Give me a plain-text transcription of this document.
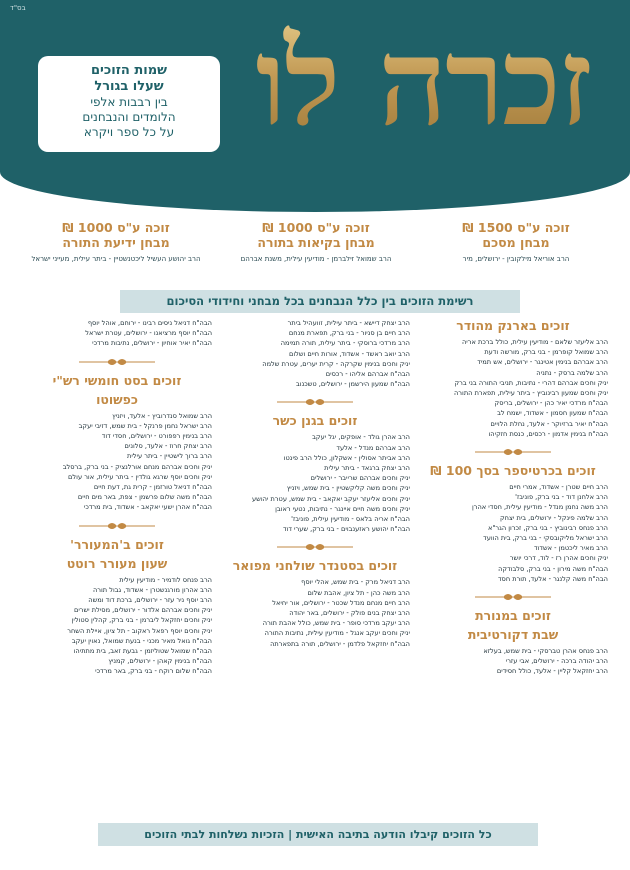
בס"ד
זכרה לו
שמות הזוכים
שעלו בגורל
בין רבבות אלפי
הלומדים והנבחנים
על כל ספר ויקרא
זוכה ע"ס 1500 ₪
מבחן מסכם
הרב אוריאל מילקובין - ירושלים, מיר
זוכה ע"ס 1000 ₪
מבחן בקיאות בתורה
הרב שמואל זילברמן - מודיעין עילית, משנת אברהם
זוכה ע"ס 1000 ₪
מבחן ידיעת התורה
הרב יהושע העשיל ליכטנשטיין - ביתר עילית, מעייני ישראל
רשימת הזוכים בין כלל הנבחנים בכל מבחני וחידודי הסיכום
זוכים בארנק מהודר
הרב אליעזר שלאם - מודיעין עילית, כולל ברכת אריה
הרב שמואל קופרמן - בני ברק, מורשה ודעת
הרב אברהם בנימין אטינגר - ירושלים, אש תמיד
הרב שלמה ברסק - נתניה
יניק וחכים אברהם דהרי - נתיבות, תניבי התורה בני ברק
יניק וחכים שמעון רבינוביץ - ביתר עילית, תפארת התורה
הבה"ח מרדכי יאיר כהן - ירושלים, בריסק
הבה"ח שמעון חסמון - אשדוד, ישמח לב
הבה"ח יאיר ברזיוקר - אלעד, נחלת הלויים
הבה"ח בנימין אדמון - רכסים, כנסת חזקיהו
זוכים בכרטיספר בסך 100 ₪
הרב חיים שטרן - אשדוד, אמרי חיים
הרב אלחנן דוד - בני ברק, פוניבז'
הרב משה נחמן מנדל - מודיעין עילית, חסדי אהרן
הרב שלמה פינקל - ירושלים, בית יצחק
הרב פנחס רבינוביץ - בני ברק, זכרון הגר"א
הרב ישראל מליקובסקי - בני ברק, בית הוועד
הרב מאיר ליכטמן - אשדוד
יניק וחכים אהרן רז - לוד, דרכי יושר
הבה"ח משה מירון - בני ברק, סלבודקה
הבה"ח משה קלנגר - אלעד, תורת חסד
זוכים במנורת
שבת דקורטיבית
הרב פנחס אהרן טברסקי - בית שמש, בעלזא
הרב יהודה ברכה - ירושלים, אבי עזרי
הרב יחזקאל קליין - אלעד, כולל חסידים
הרב יצחק דיישא - ביתר עילית, זוועהיל ביתר
הרב חיים בן סניור - בני ברק, תפארת מנחם
הרב מרדכי ברוסקי - ביתר עילית, תורה תמימה
הרב יואב ראשד - אשדוד, אורות חיים ושלום
יניק וחכים בנימין שקרקה - קרית יערים, עטרת שלמה
הבה"ח אברהם אליהו - רכסים
הבה"ח שמעון הירשמן - ירושלים, טשכנוב
זוכים בגנן כשר
הרב אהרן גולד - אופקים, יגל יעקב
הרב אברהם מנדל - אלעד
הרב אביתר אסולין - אשקלון, כולל הרב פינטו
הרב יצחק ברגאד - ביתר עילית
יניק וחכים אברהם שרייבר - ירושלים
יניק וחכים משה קליקשטיין - בית שמש, ויזניץ
יניק וחכים אליעזר יעקב יאקאב - בית שמש, עטרת יהושע
יניק וחכים משה חיים איינגר - נתיבות, נטעי ראובן
הבה"ח אריה בלאס - מודיעין עילית, פוניבז'
הבה"ח יהושע ראזענבוים - בני ברק, שערי דוד
זוכים בסטנדר שולחני מפואר
הרב דניאל מרק - בית שמש, אהלי יוסף
הרב משה כהן - תל ציון, אהבת שלום
הרב חיים מנחם מנדל שכטר - ירושלים, אור יחיאל
הרב יצחק בנים פולק - ירושלים, באר יהודה
הרב יעקב מרדכי סופר - בית שמש, כולל אהבת תורה
יניק וחכים יעקב אנגל - מודיעין עילית, נתיבות התורה
הבה"ח יחזקאל פלדמן - ירושלים, תורה בתפארתה
הבה"ח דניאל ניסים רבינו - ירוחם, אוהל יוסף
הבה"ח יוסף מרציאנו - ירושלים, עטרת ישראל
הבה"ח יאיר אוחיון - ירושלים, נתיבות מרדכי
זוכים בסט חומשי רש"י
כפשוטו
הרב שמואל סנדרוביץ - אלעד, ויזניץ
הרב ישראל נחמן פרנקל - בית שמש, דזיבי יעקב
הרב בנימין רפפורט - ירושלים, חסדי דוד
הרב יצחק חרוז - אלעד, סלונים
הרב ברוך לישטיין - ביתר עילית
יניק וחכים אברהם מנחם אורלנציק - בני ברק, ברסלב
יניק וחכים יוסף שרגא גולדין - ביתר עילית, אור עולם
הבה"ח דניאל טורזמן - קרית גת, דעת חיים
הבה"ח משה שלום פרשמן - צפת, באר מים חיים
הבה"ח אהרן ישעי יאקאב - אשדוד, בית מרדכי
זוכים ב'המעורר'
שעון מעורר רוטט
הרב פנחס לודמיר - מודיעין עילית
הרב אהרון מורגנשטרן - אשדוד, גבול תורה
הרב יוסף ניר עזר - ירושלים, ברכת דוד ומשה
יניק וחכים אברהם אלדור - ירושלים, מסילת ישרים
יניק וחכים יחזקאל ליברמן - בני ברק, קהלין סטולין
יניק וחכים יוסף רפאל ראקוב - תל ציון, איילת השחר
הבה"ח גואל מאיר מכני - בנעת שמואל, נאוין יעקב
הבה"ח שמואל שטוליזמן - גבעת זאב, בית מתתיהו
הבה"ח בנימין קאהן - ירושלים, קמניץ
הבה"ח שלום רוקח - בני ברק, באר מרדכי
כל הזוכים קיבלו הודעה בתיבה האישית | הזכיות נשלחות לבתי הזוכים
